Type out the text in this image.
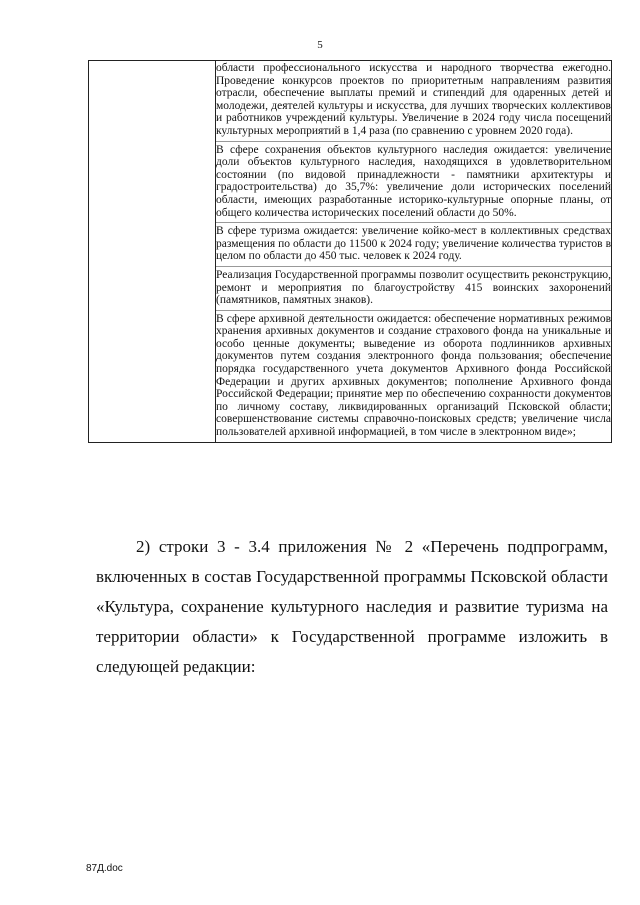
5

области профессионального искусства и народного творчества ежегодно. Проведение конкурсов проектов по приоритетным направлениям развития отрасли, обеспечение выплаты премий и стипендий для одаренных детей и молодежи, деятелей культуры и искусства, для лучших творческих коллективов и работников учреждений культуры. Увеличение в 2024 году числа посещений культурных мероприятий в 1,4 раза (по сравнению с уровнем 2020 года).

В сфере сохранения объектов культурного наследия ожидается: увеличение доли объектов культурного наследия, находящихся в удовлетворительном состоянии (по видовой принадлежности - памятники архитектуры и градостроительства) до 35,7%: увеличение доли исторических поселений области, имеющих разработанные историко-культурные опорные планы, от общего количества исторических поселений области до 50%.

В сфере туризма ожидается: увеличение койко-мест в коллективных средствах размещения по области до 11500 к 2024 году; увеличение количества туристов в целом по области до 450 тыс. человек к 2024 году.

Реализация Государственной программы позволит осуществить реконструкцию, ремонт и мероприятия по благоустройству 415 воинских захоронений (памятников, памятных знаков).

В сфере архивной деятельности ожидается: обеспечение нормативных режимов хранения архивных документов и создание страхового фонда на уникальные и особо ценные документы; выведение из оборота подлинников архивных документов путем создания электронного фонда пользования; обеспечение порядка государственного учета документов Архивного фонда Российской Федерации и других архивных документов; пополнение Архивного фонда Российской Федерации; принятие мер по обеспечению сохранности документов по личному составу, ликвидированных организаций Псковской области; совершенствование системы справочно-поисковых средств; увеличение числа пользователей архивной информацией, в том числе в электронном виде»;

2) строки 3 - 3.4 приложения № 2 «Перечень подпрограмм, включенных в состав Государственной программы Псковской области «Культура, сохранение культурного наследия и развитие туризма на территории области» к Государственной программе изложить в следующей редакции:

87Д.doc
